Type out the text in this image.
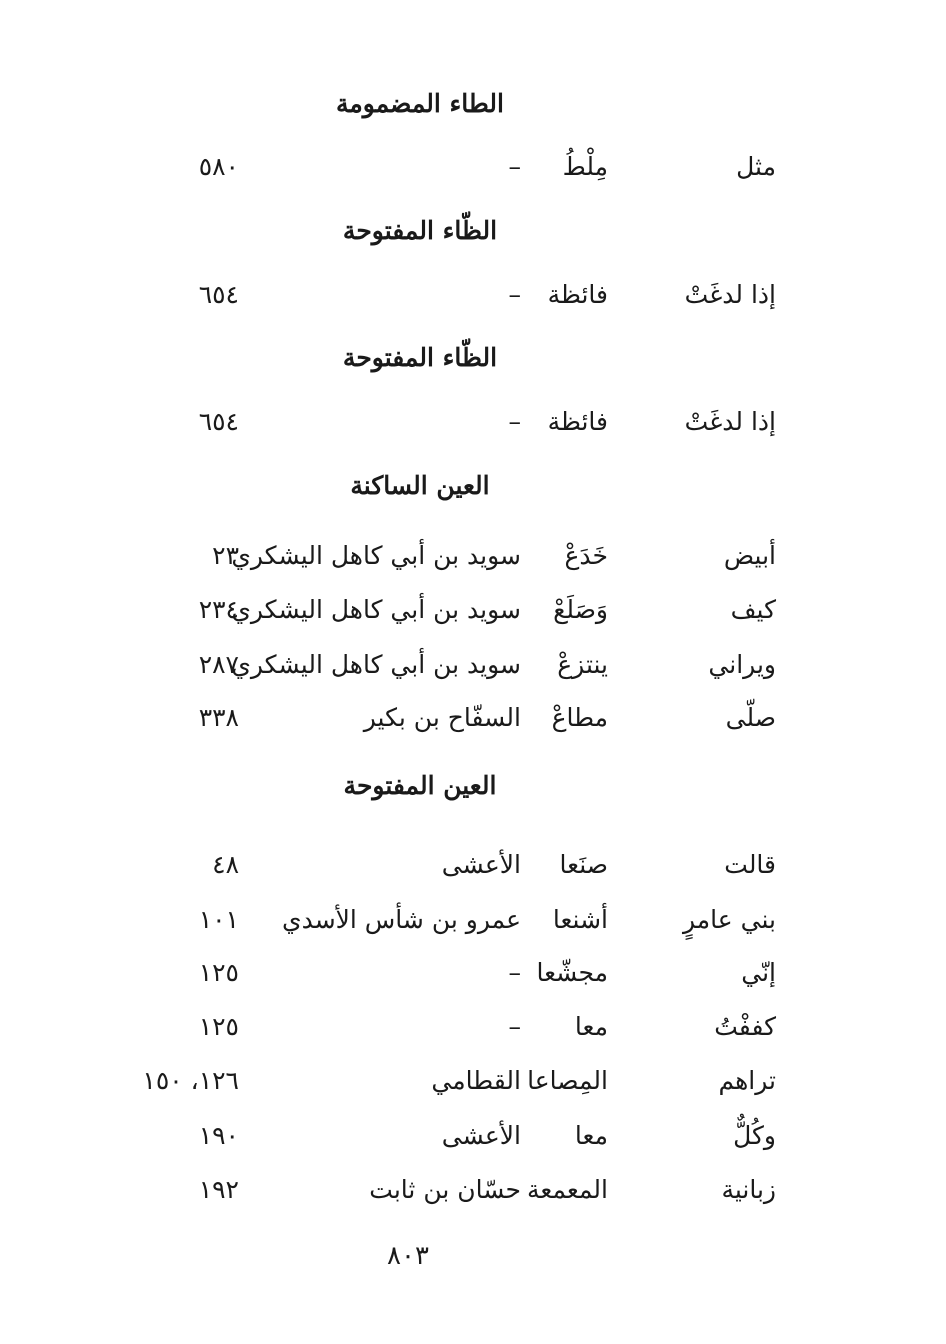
الطاء المضمومة
مثل
مِلْطُ
–
٥٨٠
الظّاء المفتوحة
إذا لدغَتْ
فائظة
–
٦٥٤
الظّاء المفتوحة
إذا لدغَتْ
فائظة
–
٦٥٤
العين الساكنة
أبيض
خَدَعْ
سويد بن أبي كاهل اليشكري
٢٣
كيف
وَصَلَعْ
سويد بن أبي كاهل اليشكري
٢٣٤
ويراني
ينتزعْ
سويد بن أبي كاهل اليشكري
٢٨٧
صلّى
مطاعْ
السفّاح بن بكير
٣٣٨
العين المفتوحة
قالت
صنَعا
الأعشى
٤٨
بني عامرٍ
أشنعا
عمرو بن شأس الأسدي
١٠١
إنّي
مجشّعا
–
١٢٥
كففْتُ
معا
–
١٢٥
تراهم
المِصاعا
القطامي
١٢٦، ١٥٠
وكُلٌّ
معا
الأعشى
١٩٠
زبانية
المعمعة
حسّان بن ثابت
١٩٢
٨٠٣
